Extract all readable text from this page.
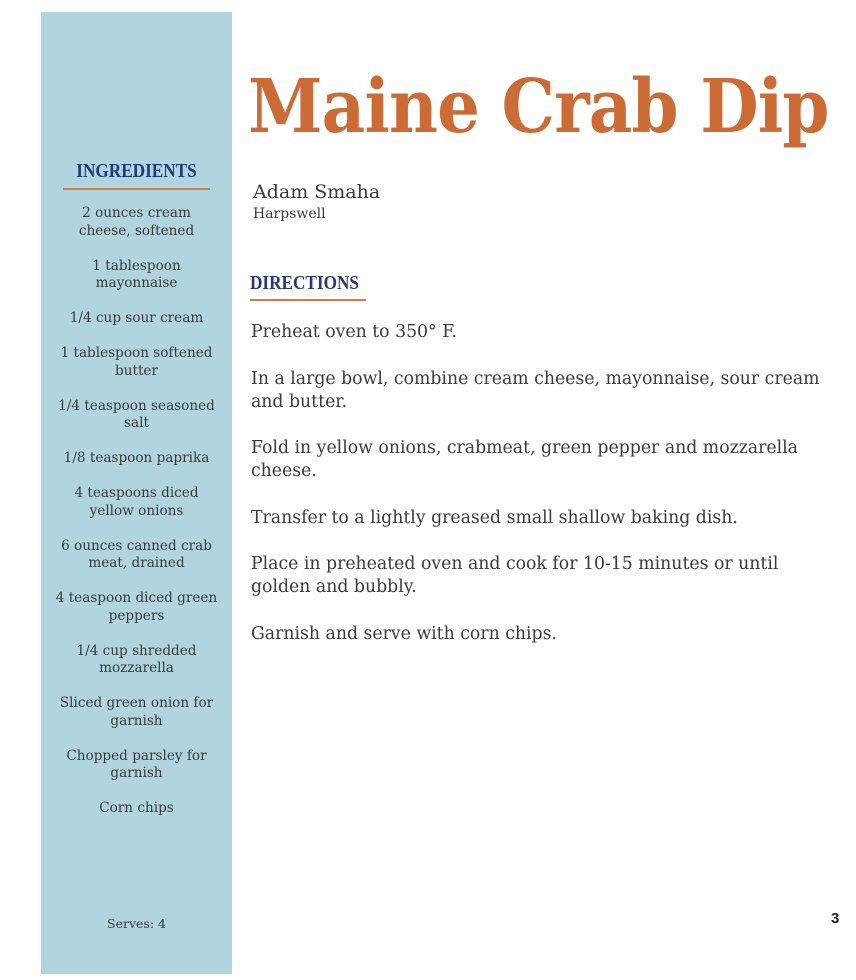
INGREDIENTS
2 ounces cream cheese, softened
1 tablespoon mayonnaise
1/4 cup sour cream
1 tablespoon softened butter
1/4 teaspoon seasoned salt
1/8 teaspoon paprika
4 teaspoons diced yellow onions
6 ounces canned crab meat, drained
4 teaspoon diced green peppers
1/4 cup shredded mozzarella
Sliced green onion for garnish
Chopped parsley for garnish
Corn chips
Serves: 4
Maine Crab Dip
Adam Smaha
Harpswell
DIRECTIONS
Preheat oven to 350° F.
In a large bowl, combine cream cheese, mayonnaise, sour cream and butter.
Fold in yellow onions, crabmeat, green pepper and mozzarella cheese.
Transfer to a lightly greased small shallow baking dish.
Place in preheated oven and cook for 10-15 minutes or until golden and bubbly.
Garnish and serve with corn chips.
3
